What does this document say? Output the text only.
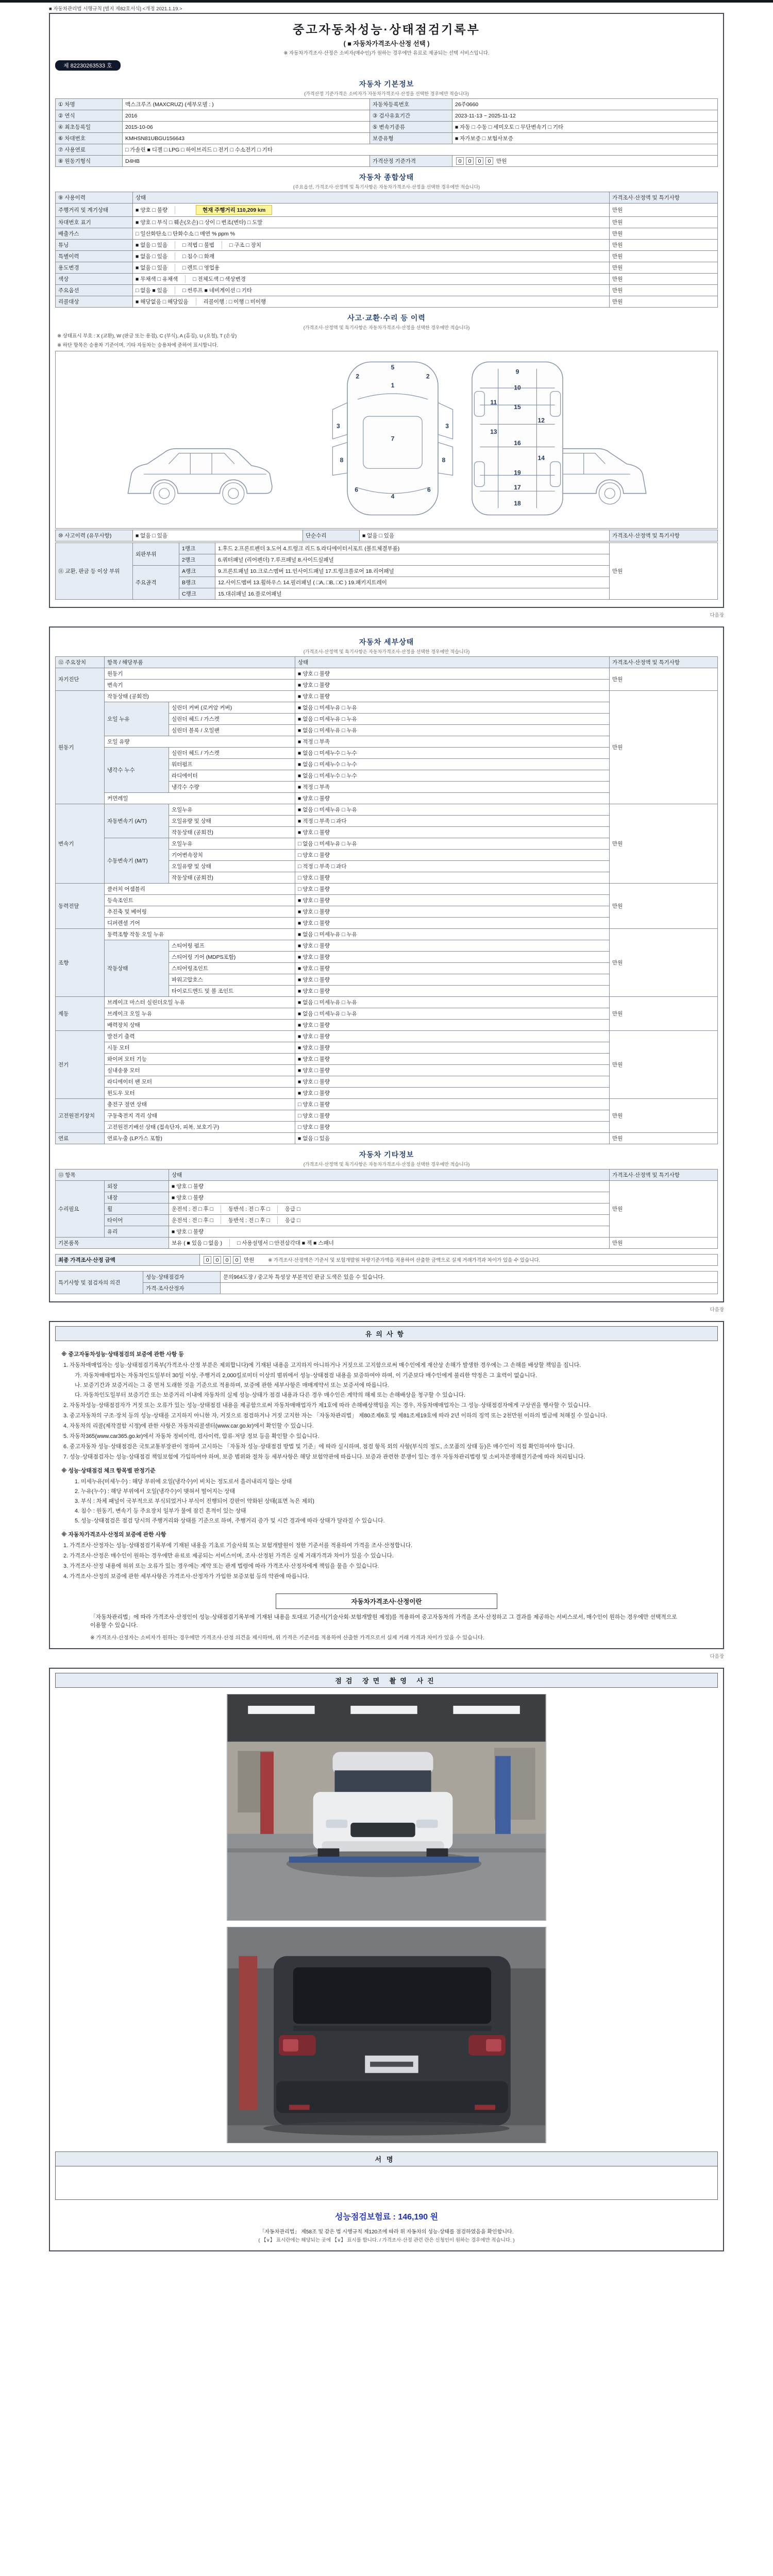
■ 자동차관리법 시행규칙 [별지 제82호서식] <개정 2021.1.19.>
중고자동차성능·상태점검기록부
( ■ 자동차가격조사·산정 선택 )
※ 자동차가격조사·산정은 소비자(매수인)가 원하는 경우에만 유료로 제공되는 선택 서비스입니다.
제 82230263533 호
자동차 기본정보
(가격산정 기준가격은 소비자가 자동차가격조사·산정을 선택한 경우에만 적습니다)
① 차명	맥스크루즈 (MAXCRUZ) (세부모델 : )	자동차등록번호	26주0660
② 연식	2016	③ 검사유효기간	2023-11-13 ~ 2025-11-12
④ 최초등록일	2015-10-06	⑤ 변속기종류	■ 자동 □ 수동 □ 세미오토 □ 무단변속기 □ 기타
⑥ 차대번호	KMHSN81UBGU156643	보증유형	■ 자가보증 □ 보험사보증
⑦ 사용연료	□ 가솔린 ■ 디젤 □ LPG □ 하이브리드 □ 전기 □ 수소전기 □ 기타		
⑧ 원동기형식	D4HB	가격산정 기준가격	0 0 0 0 만원
자동차 종합상태
(주요옵션, 가격조사·산정액 및 특기사항은 자동차가격조사·산정을 선택한 경우에만 적습니다)
⑨ 사용이력	상태	가격조사·산정액 및 특기사항
주행거리 및 계기상태	■ 양호 □ 불량 현재 주행거리 110,209 km	만원
차대번호 표기	■ 양호 □ 부식 □ 훼손(오손) □ 상이 □ 변조(변타) □ 도말	만원
배출가스	□ 일산화탄소 □ 탄화수소 □ 매연 % ppm %	만원
튜닝	■ 없음 □ 있음 □ 적법 □ 불법 □ 구조 □ 장치	만원
특별이력	■ 없음 □ 있음 □ 침수 □ 화재	만원
용도변경	■ 없음 □ 있음 □ 렌트 □ 영업용	만원
색상	■ 무채색 □ 유채색 □ 전체도색 □ 색상변경	만원
주요옵션	□ 없음 ■ 있음 □ 썬루프 ■ 네비게이션 □ 기타	만원
리콜대상	■ 해당없음 □ 해당있음 리콜이행 : □ 이행 □ 미이행	만원
사고·교환·수리 등 이력
(가격조사·산정액 및 특기사항은 자동차가격조사·산정을 선택한 경우에만 적습니다)
※ 상태표시 부호 : X (교환), W (판금 또는 용접), C (부식), A (흠집), U (요철), T (손상)
※ 하단 항목은 승용차 기준이며, 기타 자동차는 승용차에 준하여 표시합니다.
5
1
2	2
3	3
7
8	8
6	6
4
9
10
11
15
12
13
16
14
19
17
18
⑩ 사고이력 (유무사항)	■ 없음 □ 있음	단순수리	■ 없음 □ 있음	가격조사·산정액 및 특기사항
⑪ 교환, 판금 등 이상 부위	외판부위	1랭크	1.후드 2.프론트펜더 3.도어 4.트렁크 리드 5.라디에이터서포트 (볼트체결부품)	만원
		2랭크	6.쿼터패널 (리어펜더) 7.루프패널 8.사이드실패널	
	주요골격	A랭크	9.프론트패널 10.크로스멤버 11.인사이드패널 17.트렁크플로어 18.리어패널	
		B랭크	12.사이드멤버 13.휠하우스 14.필러패널 ( □A, □B, □C ) 19.패키지트레이	
		C랭크	15.대쉬패널 16.플로어패널	
다음장
자동차 세부상태
(가격조사·산정액 및 특기사항은 자동차가격조사·산정을 선택한 경우에만 적습니다)
⑫ 주요장치	항목 / 해당부품		상태	가격조사·산정액 및 특기사항
자기진단	원동기		■ 양호 □ 불량	만원
	변속기		■ 양호 □ 불량	
원동기	작동상태 (공회전)		■ 양호 □ 불량	만원
	오일 누유	실린더 커버 (로커암 커버)	■ 없음 □ 미세누유 □ 누유	
		실린더 헤드 / 가스켓	■ 없음 □ 미세누유 □ 누유	
		실린더 블록 / 오일팬	■ 없음 □ 미세누유 □ 누유	
	오일 유량		■ 적정 □ 부족	
	냉각수 누수	실린더 헤드 / 가스켓	■ 없음 □ 미세누수 □ 누수	
		워터펌프	■ 없음 □ 미세누수 □ 누수	
		라디에이터	■ 없음 □ 미세누수 □ 누수	
		냉각수 수량	■ 적정 □ 부족	
	커먼레일		■ 양호 □ 불량	
변속기	자동변속기 (A/T)	오일누유	■ 없음 □ 미세누유 □ 누유	만원
		오일유량 및 상태	■ 적정 □ 부족 □ 과다	
		작동상태 (공회전)	■ 양호 □ 불량	
	수동변속기 (M/T)	오일누유	□ 없음 □ 미세누유 □ 누유	
		기어변속장치	□ 양호 □ 불량	
		오일유량 및 상태	□ 적정 □ 부족 □ 과다	
		작동상태 (공회전)	□ 양호 □ 불량	
동력전달	클러치 어셈블리		□ 양호 □ 불량	만원
	등속조인트		■ 양호 □ 불량	
	추진축 및 베어링		■ 양호 □ 불량	
	디퍼렌셜 기어		■ 양호 □ 불량	
조향	동력조향 작동 오일 누유		■ 없음 □ 미세누유 □ 누유	만원
	작동상태	스티어링 펌프	■ 양호 □ 불량	
		스티어링 기어 (MDPS포함)	■ 양호 □ 불량	
		스티어링조인트	■ 양호 □ 불량	
		파워고압호스	■ 양호 □ 불량	
		타이로드엔드 및 볼 조인트	■ 양호 □ 불량	
제동	브레이크 마스터 실린더오일 누유		■ 없음 □ 미세누유 □ 누유	만원
	브레이크 오일 누유		■ 없음 □ 미세누유 □ 누유	
	배력장치 상태		■ 양호 □ 불량	
전기	발전기 출력		■ 양호 □ 불량	만원
	시동 모터		■ 양호 □ 불량	
	와이퍼 모터 기능		■ 양호 □ 불량	
	실내송풍 모터		■ 양호 □ 불량	
	라디에이터 팬 모터		■ 양호 □ 불량	
	윈도우 모터		■ 양호 □ 불량	
고전원전기장치	충전구 절연 상태		□ 양호 □ 불량	만원
	구동축전지 격리 상태		□ 양호 □ 불량	
	고전원전기배선 상태 (접속단자, 피복, 보호기구)		□ 양호 □ 불량	
연료	연료누출 (LP가스 포함)		■ 없음 □ 있음	만원
자동차 기타정보
(가격조사·산정액 및 특기사항은 자동차가격조사·산정을 선택한 경우에만 적습니다)
⑬ 항목		상태	가격조사·산정액 및 특기사항
수리필요	외장	■ 양호 □ 불량	만원
	내장	■ 양호 □ 불량	
	휠	운전석 : 전 □ 후 □ 동반석 : 전 □ 후 □ 응급 □	
	타이어	운전석 : 전 □ 후 □ 동반석 : 전 □ 후 □ 응급 □	
	유리	■ 양호 □ 불량	
기본품목		보유 ( ■ 있음 □ 없음 ) □ 사용설명서 □ 안전삼각대 ■ 잭 ■ 스패너	만원
최종 가격조사·산정 금액	0 0 0 0 만원	※ 가격조사·산정액은 기준서 및 보험개발원 차량기준가액을 적용하여 산출한 금액으로 실제 거래가격과 차이가 있을 수 있습니다.
특기사항 및 점검자의 의견	성능·상태점검자	문의964도장 / 중고차 특성상 부분적인 판금 도색은 있을 수 있습니다.
	가격·조사산정자	
다음장
유의사항

※ 중고자동차성능·상태점검의 보증에 관한 사항 등

1. 자동차매매업자는 성능·상태점검기록부(가격조사·산정 부분은 제외합니다)에 기재된 내용을 고지하지 아니하거나 거짓으로 고지함으로써 매수인에게 재산상 손해가 발생한 경우에는 그 손해를 배상할 책임을 집니다.

가. 자동차매매업자는 자동차인도일부터 30일 이상, 주행거리 2,000킬로미터 이상의 범위에서 성능·상태점검 내용을 보증하여야 하며, 이 기준보다 매수인에게 불리한 약정은 그 효력이 없습니다.

나. 보증기간과 보증거리는 그 중 먼저 도래한 것을 기준으로 적용하며, 보증에 관한 세부사항은 매매계약서 또는 보증서에 따릅니다.

다. 자동차인도일부터 보증기간 또는 보증거리 이내에 자동차의 실제 성능·상태가 점검 내용과 다른 경우 매수인은 계약의 해제 또는 손해배상을 청구할 수 있습니다.

2. 자동차성능·상태점검자가 거짓 또는 오류가 있는 성능·상태점검 내용을 제공함으로써 자동차매매업자가 제1호에 따라 손해배상책임을 지는 경우, 자동차매매업자는 그 성능·상태점검자에게 구상권을 행사할 수 있습니다.

3. 중고자동차의 구조·장치 등의 성능·상태를 고지하지 아니한 자, 거짓으로 점검하거나 거짓 고지한 자는 「자동차관리법」 제80조제6호 및 제81조제19호에 따라 2년 이하의 징역 또는 2천만원 이하의 벌금에 처해질 수 있습니다.

4. 자동차의 리콜(제작결함 시정)에 관한 사항은 자동차리콜센터(www.car.go.kr)에서 확인할 수 있습니다.

5. 자동차365(www.car365.go.kr)에서 자동차 정비이력, 검사이력, 압류·저당 정보 등을 확인할 수 있습니다.

6. 중고자동차 성능·상태점검은 국토교통부장관이 정하여 고시하는 「자동차 성능·상태점검 방법 및 기준」에 따라 실시하며, 점검 항목 외의 사항(부식의 정도, 소모품의 상태 등)은 매수인이 직접 확인하여야 합니다.

7. 성능·상태점검자는 성능·상태점검 책임보험에 가입하여야 하며, 보증 범위와 절차 등 세부사항은 해당 보험약관에 따릅니다. 보증과 관련한 분쟁이 있는 경우 자동차관리법령 및 소비자분쟁해결기준에 따라 처리됩니다.

※ 성능·상태점검 체크 항목별 판정기준

1. 미세누유(미세누수) : 해당 부위에 오일(냉각수)이 비치는 정도로서 흘러내리지 않는 상태

2. 누유(누수) : 해당 부위에서 오일(냉각수)이 맺혀서 떨어지는 상태

3. 부식 : 차체 패널이 국부적으로 부식되었거나 부식이 진행되어 강판이 약화된 상태(표면 녹은 제외)

4. 침수 : 원동기, 변속기 등 주요장치 일부가 물에 잠긴 흔적이 있는 상태

5. 성능·상태점검은 점검 당시의 주행거리와 상태를 기준으로 하며, 주행거리 증가 및 시간 경과에 따라 상태가 달라질 수 있습니다.

※ 자동차가격조사·산정의 보증에 관한 사항

1. 가격조사·산정자는 성능·상태점검기록부에 기재된 내용을 기초로 기술사회 또는 보험개발원이 정한 기준서를 적용하여 가격을 조사·산정합니다.

2. 가격조사·산정은 매수인이 원하는 경우에만 유료로 제공되는 서비스이며, 조사·산정된 가격은 실제 거래가격과 차이가 있을 수 있습니다.

3. 가격조사·산정 내용에 허위 또는 오류가 있는 경우에는 계약 또는 관계 법령에 따라 가격조사·산정자에게 책임을 물을 수 있습니다.

4. 가격조사·산정의 보증에 관한 세부사항은 가격조사·산정자가 가입한 보증보험 등의 약관에 따릅니다.

자동차가격조사·산정이란
「자동차관리법」에 따라 가격조사·산정인이 성능·상태점검기록부에 기재된 내용을 토대로 기준서(기술사회·보험개발원 제정)를 적용하여 중고자동차의 가격을 조사·산정하고 그 결과를 제공하는 서비스로서, 매수인이 원하는 경우에만 선택적으로 이용할 수 있습니다.
※ 가격조사·산정자는 소비자가 원하는 경우에만 가격조사·산정 의견을 제시하며, 위 가격은 기준서를 적용하여 산출한 가격으로서 실제 거래 가격과 차이가 있을 수 있습니다.
다음장
점검 장면 촬영 사진
서명
성능점검보험료 : 146,190 원
「자동차관리법」 제58조 및 같은 법 시행규칙 제120조에 따라 위 자동차의 성능·상태를 점검하였음을 확인합니다.
( 【∨】 표시란에는 해당되는 곳에 【∨】 표시를 합니다. / 가격조사·산정 관련 란은 신청인이 원하는 경우에만 적습니다. )
